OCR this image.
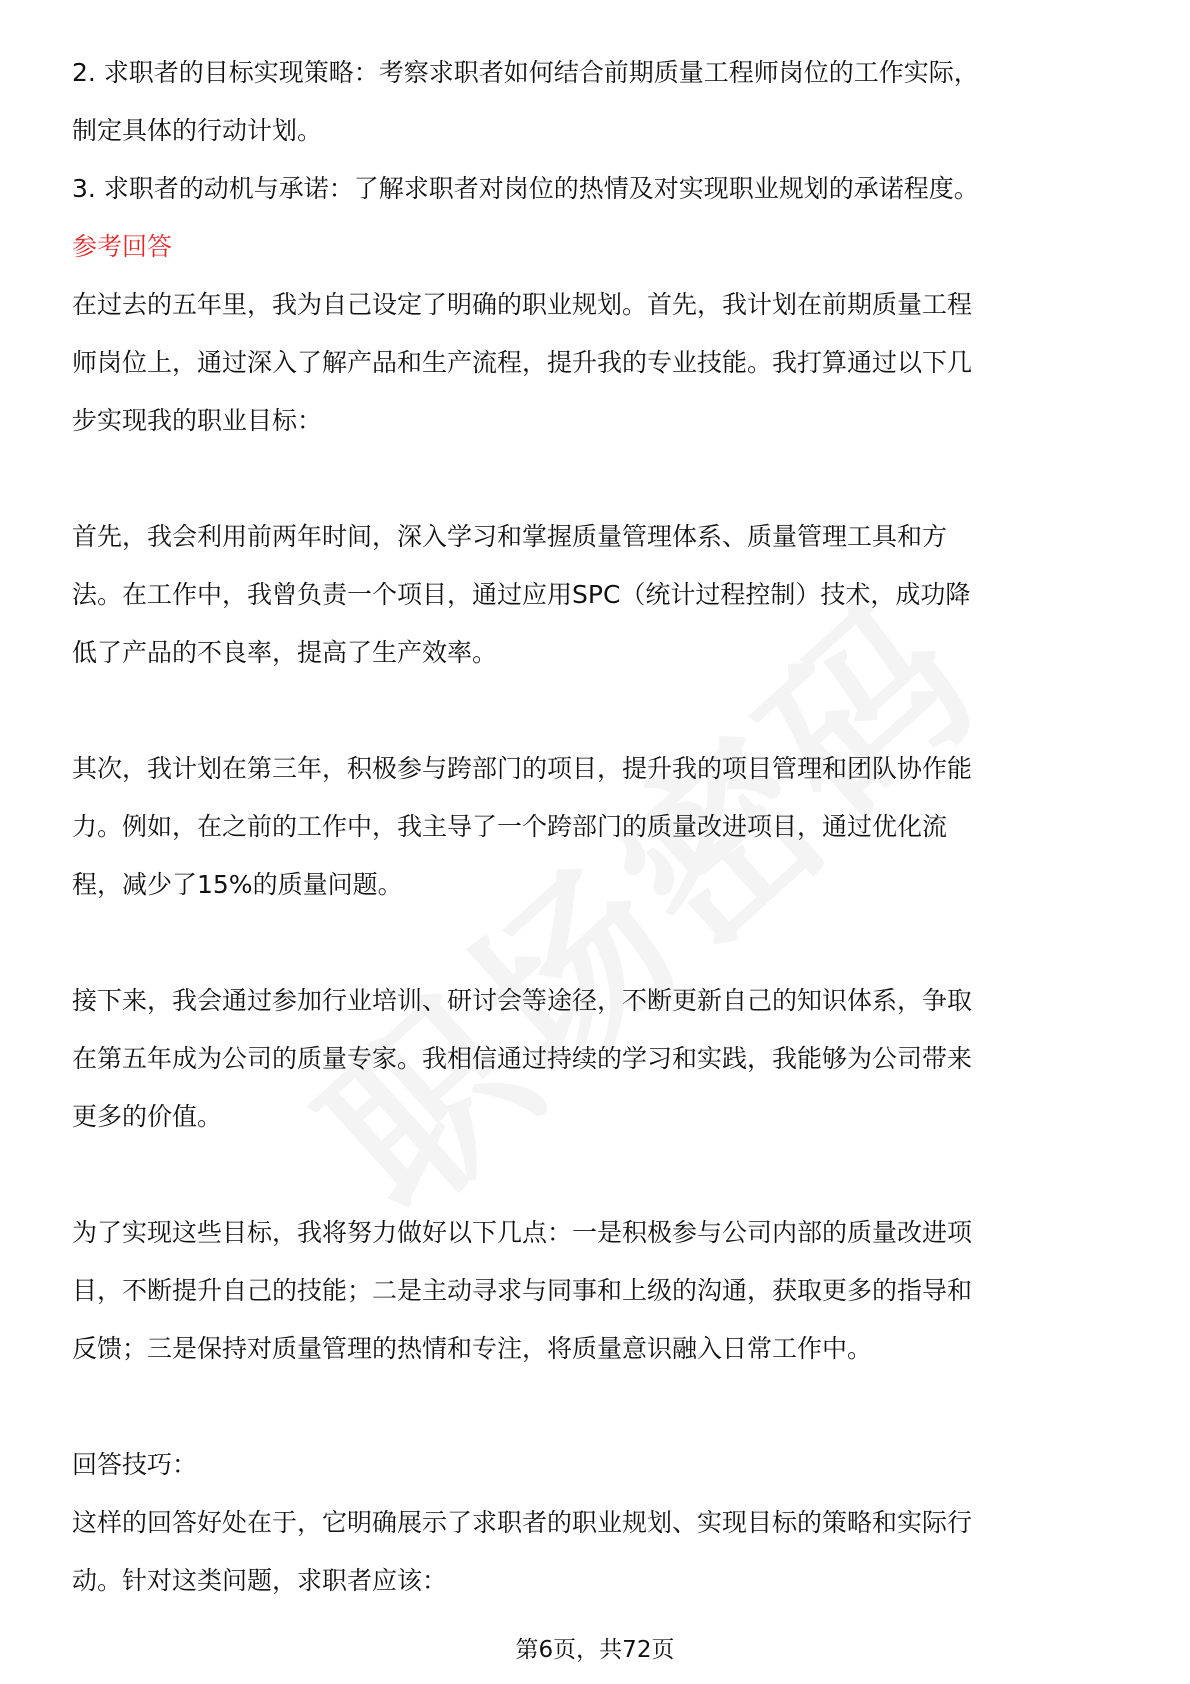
2. 求职者的目标实现策略：考察求职者如何结合前期质量工程师岗位的工作实际，

制定具体的行动计划。

3. 求职者的动机与承诺：了解求职者对岗位的热情及对实现职业规划的承诺程度。

参考回答

在过去的五年里，我为自己设定了明确的职业规划。首先，我计划在前期质量工程

师岗位上，通过深入了解产品和生产流程，提升我的专业技能。我打算通过以下几

步实现我的职业目标：

首先，我会利用前两年时间，深入学习和掌握质量管理体系、质量管理工具和方

法。在工作中，我曾负责一个项目，通过应用SPC（统计过程控制）技术，成功降

低了产品的不良率，提高了生产效率。

其次，我计划在第三年，积极参与跨部门的项目，提升我的项目管理和团队协作能

力。例如，在之前的工作中，我主导了一个跨部门的质量改进项目，通过优化流

程，减少了15%的质量问题。

接下来，我会通过参加行业培训、研讨会等途径，不断更新自己的知识体系，争取

在第五年成为公司的质量专家。我相信通过持续的学习和实践，我能够为公司带来

更多的价值。

为了实现这些目标，我将努力做好以下几点：一是积极参与公司内部的质量改进项

目，不断提升自己的技能；二是主动寻求与同事和上级的沟通，获取更多的指导和

反馈；三是保持对质量管理的热情和专注，将质量意识融入日常工作中。

回答技巧：

这样的回答好处在于，它明确展示了求职者的职业规划、实现目标的策略和实际行

动。针对这类问题，求职者应该：

第6页，共72页
